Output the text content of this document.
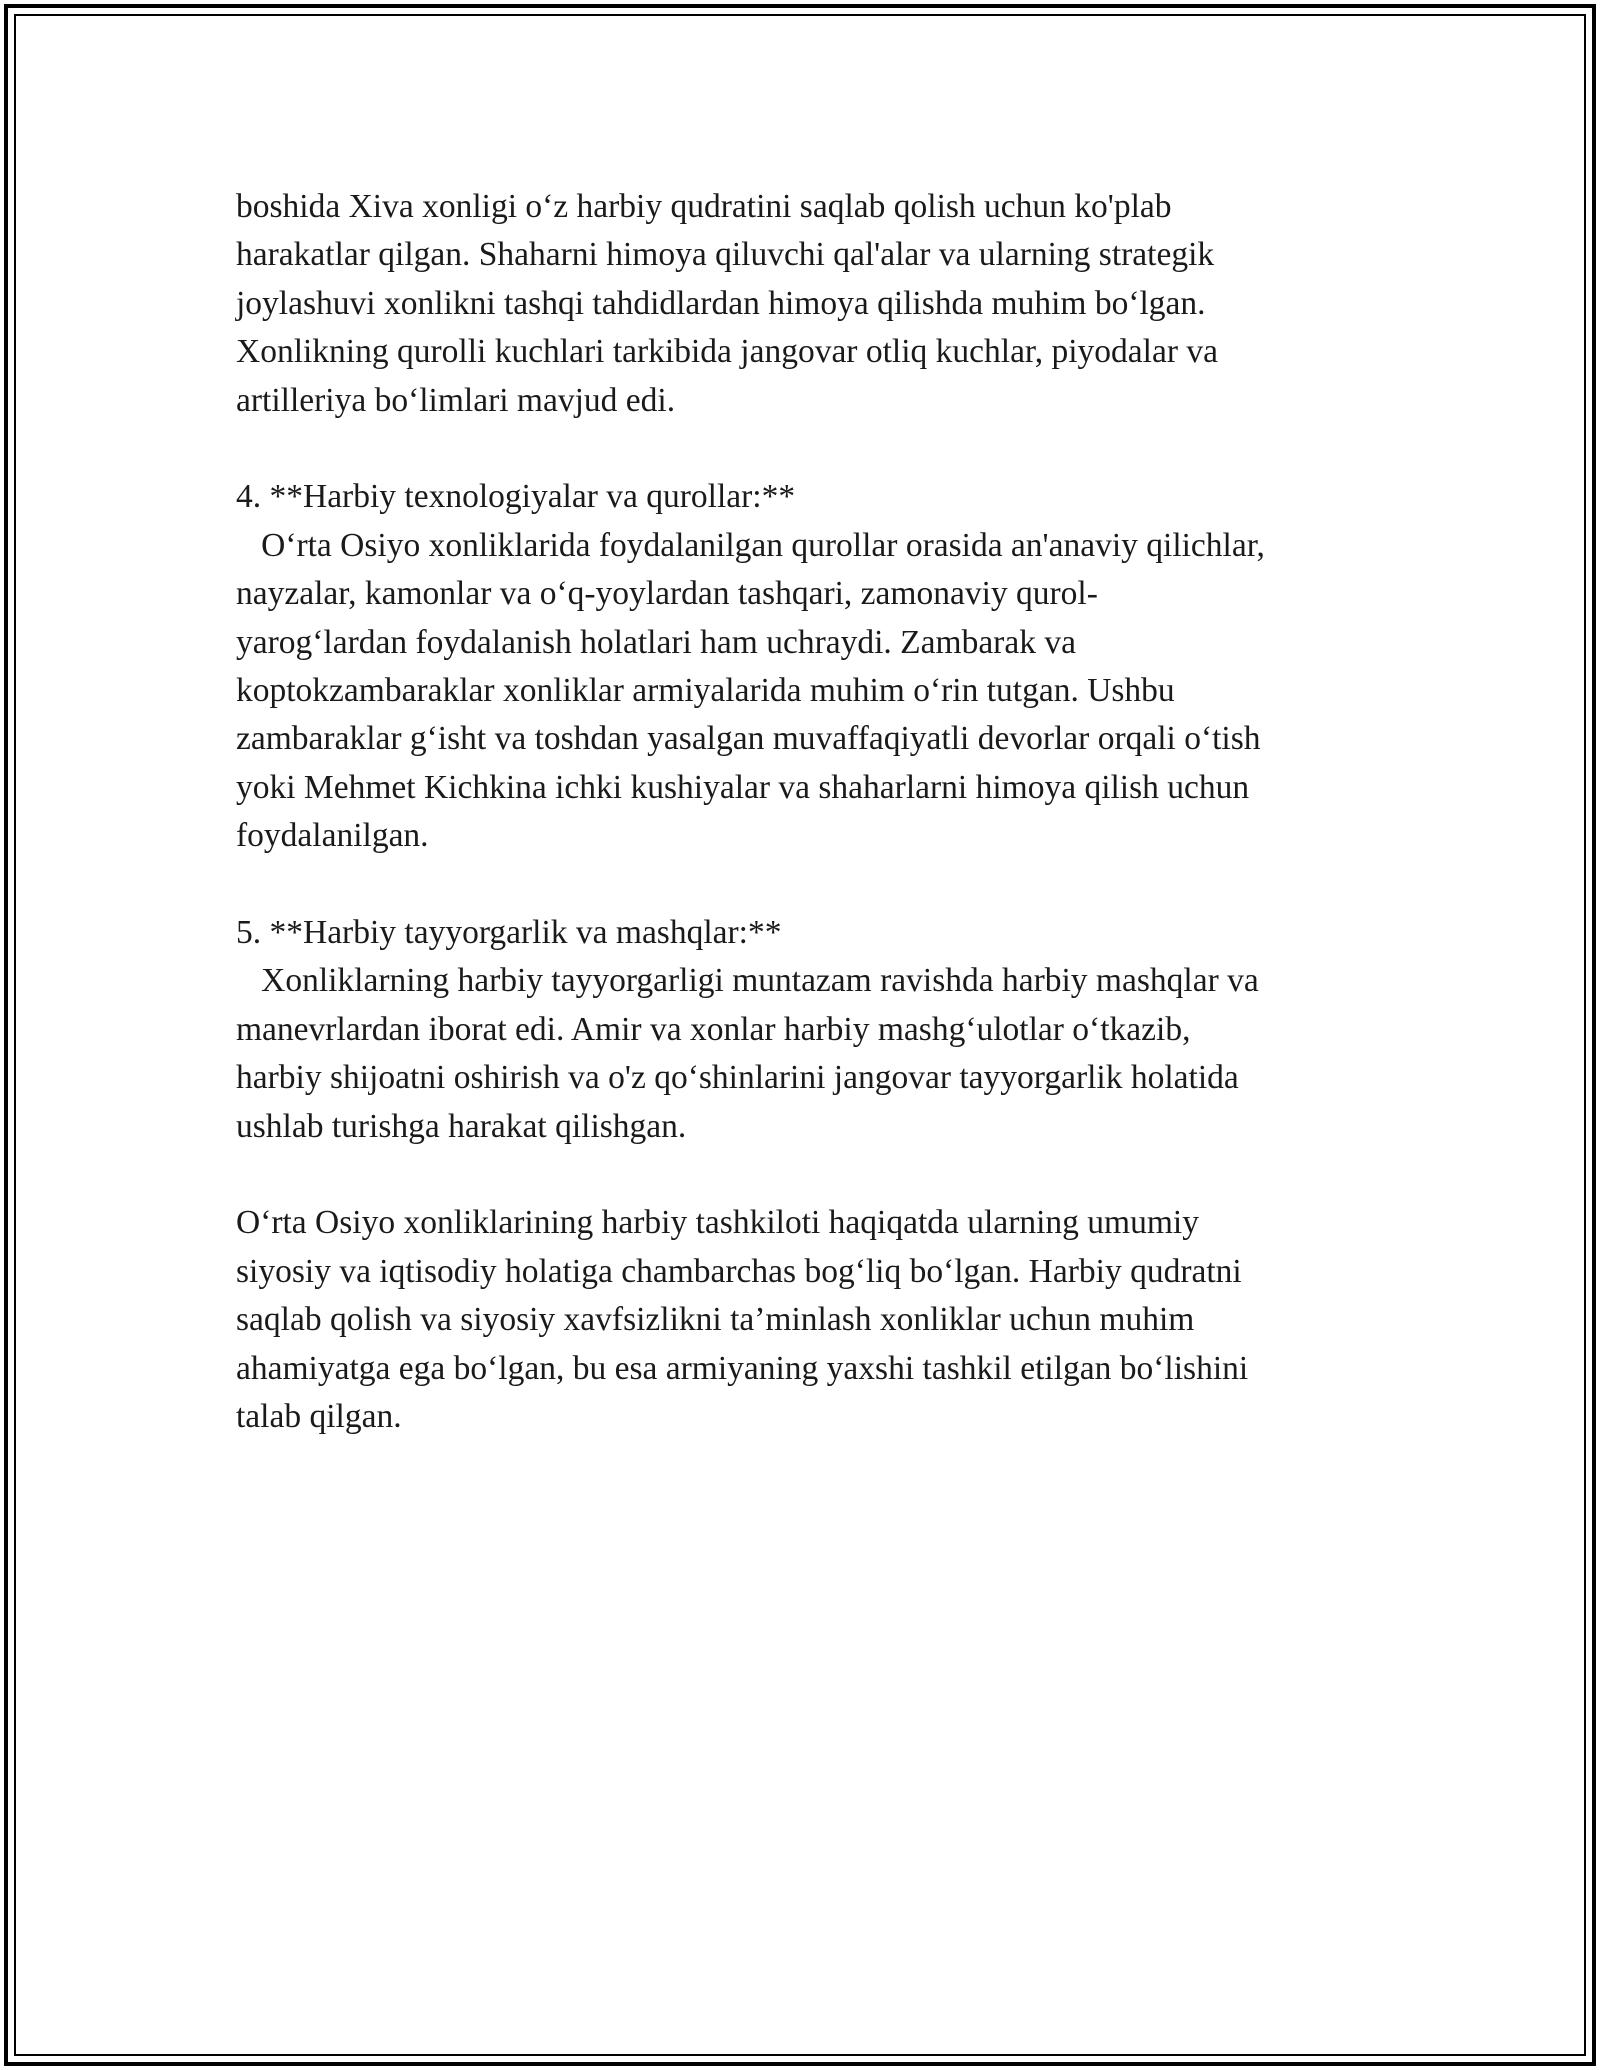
boshida Xiva xonligi o‘z harbiy qudratini saqlab qolish uchun ko'plab
harakatlar qilgan. Shaharni himoya qiluvchi qal'alar va ularning strategik
joylashuvi xonlikni tashqi tahdidlardan himoya qilishda muhim bo‘lgan.
Xonlikning qurolli kuchlari tarkibida jangovar otliq kuchlar, piyodalar va
artilleriya bo‘limlari mavjud edi.
4. **Harbiy texnologiyalar va qurollar:**
O‘rta Osiyo xonliklarida foydalanilgan qurollar orasida an'anaviy qilichlar,
nayzalar, kamonlar va o‘q-yoylardan tashqari, zamonaviy qurol-
yarog‘lardan foydalanish holatlari ham uchraydi. Zambarak va
koptokzambaraklar xonliklar armiyalarida muhim o‘rin tutgan. Ushbu
zambaraklar g‘isht va toshdan yasalgan muvaffaqiyatli devorlar orqali o‘tish
yoki Mehmet Kichkina ichki kushiyalar va shaharlarni himoya qilish uchun
foydalanilgan.
5. **Harbiy tayyorgarlik va mashqlar:**
Xonliklarning harbiy tayyorgarligi muntazam ravishda harbiy mashqlar va
manevrlardan iborat edi. Amir va xonlar harbiy mashg‘ulotlar o‘tkazib,
harbiy shijoatni oshirish va o'z qo‘shinlarini jangovar tayyorgarlik holatida
ushlab turishga harakat qilishgan.
O‘rta Osiyo xonliklarining harbiy tashkiloti haqiqatda ularning umumiy
siyosiy va iqtisodiy holatiga chambarchas bog‘liq bo‘lgan. Harbiy qudratni
saqlab qolish va siyosiy xavfsizlikni ta’minlash xonliklar uchun muhim
ahamiyatga ega bo‘lgan, bu esa armiyaning yaxshi tashkil etilgan bo‘lishini
talab qilgan.
